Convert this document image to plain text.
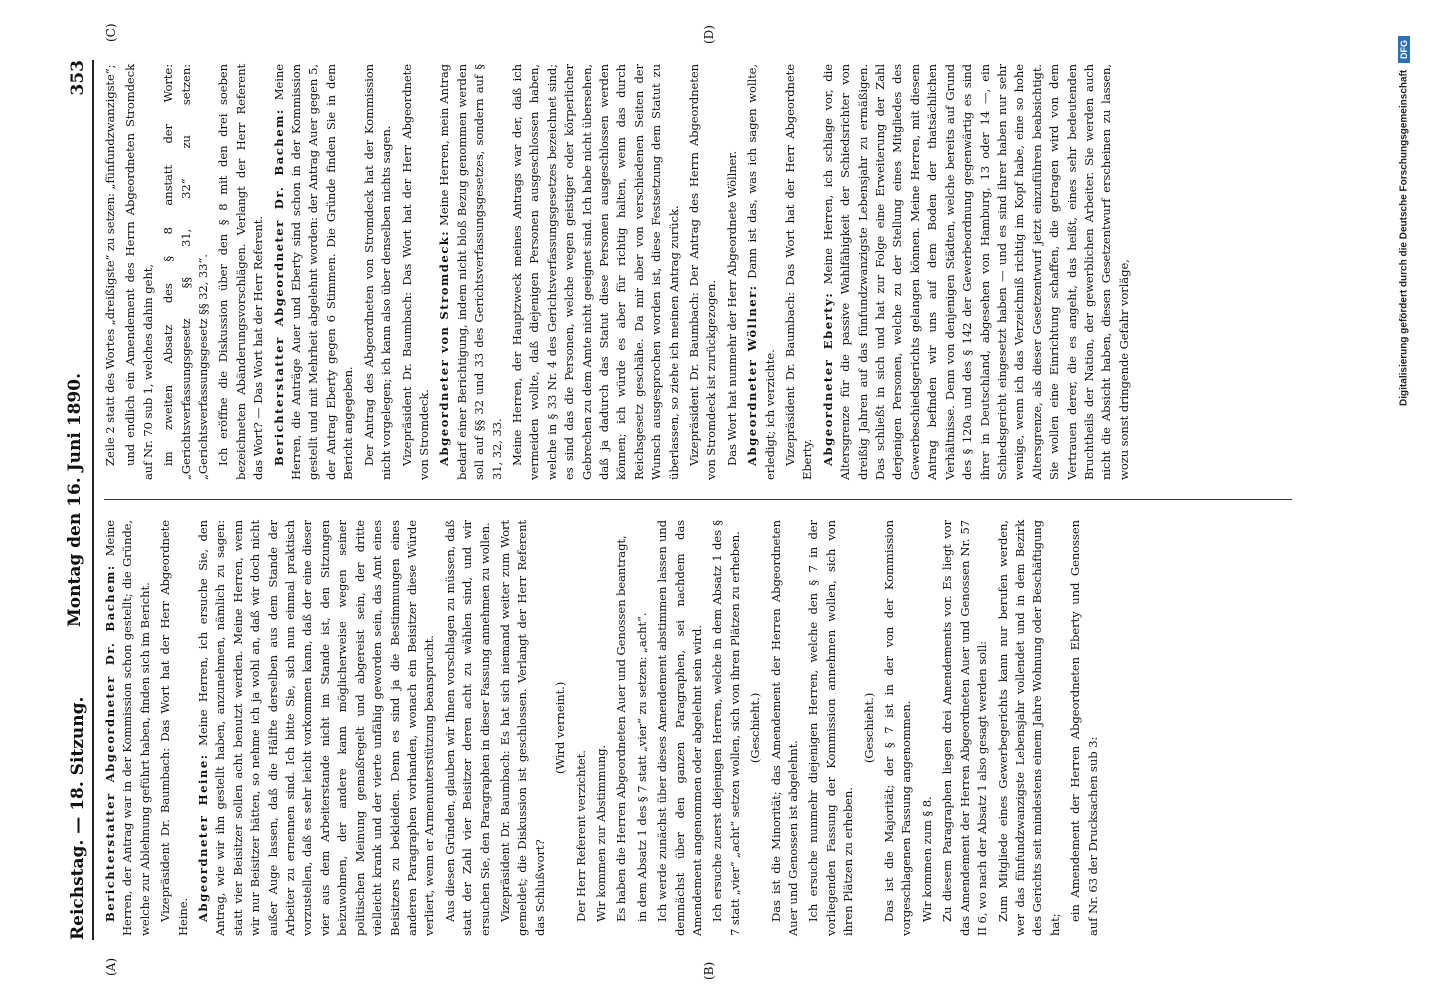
Reichstag. — 18. Sitzung.
Montag den 16. Juni 1890.
353
(A)	(B)
(C)	(D)

Berichterstatter Abgeordneter Dr. Bachem: Meine Herren, der Antrag war in der Kommission schon gestellt; die Gründe, welche zur Ablehnung geführt haben, finden sich im Bericht. Vizepräsident Dr. Baumbach: Das Wort hat der Herr Abgeordnete Heine. Abgeordneter Heine: Meine Herren, ich ersuche Sie, den Antrag, wie wir ihn gestellt haben, anzunehmen, nämlich zu sagen: statt vier Beisitzer sollen acht benutzt werden. Meine Herren, wenn wir nur Beisitzer hätten, so nehme ich ja wohl an, daß wir doch nicht außer Auge lassen, daß die Hälfte derselben aus dem Stande der Arbeiter zu ernennen sind. Ich bitte Sie, sich nun einmal praktisch vorzustellen, daß es sehr leicht vorkommen kann, daß der eine dieser vier aus dem Arbeiterstande nicht im Stande ist, den Sitzungen beizuwohnen, der andere kann möglicherweise wegen seiner politischen Meinung gemaßregelt und abgereist sein, der dritte vielleicht krank und der vierte unfähig geworden sein, das Amt eines Beisitzers zu bekleiden. Denn es sind ja die Bestimmungen eines anderen Paragraphen vorhanden, wonach ein Beisitzer diese Würde verliert, wenn er Armenunterstützung beansprucht. Aus diesen Gründen, glauben wir Ihnen vorschlagen zu müssen, daß statt der Zahl vier Beisitzer deren acht zu wählen sind, und wir ersuchen Sie, den Paragraphen in dieser Fassung annehmen zu wollen. Vizepräsident Dr. Baumbach: Es hat sich niemand weiter zum Wort gemeldet; die Diskussion ist geschlossen. Verlangt der Herr Referent das Schlußwort?

(Wird verneint.)

Der Herr Referent verzichtet. Wir kommen zur Abstimmung. Es haben die Herren Abgeordneten Auer und Genossen beantragt, in dem Absatz 1 des § 7 statt „vier“ zu setzen: „acht“. Ich werde zunächst über dieses Amendement abstimmen lassen und demnächst über den ganzen Paragraphen, sei nachdem das Amendement angenommen oder abgelehnt sein wird. Ich ersuche zuerst diejenigen Herren, welche in dem Absatz 1 des § 7 statt „vier“ „acht“ setzen wollen, sich von ihren Plätzen zu erheben. (Geschieht.) Das ist die Minorität; das Amendement der Herren Abgeordneten Auer und Genossen ist abgelehnt. Ich ersuche nunmehr diejenigen Herren, welche den § 7 in der vorliegenden Fassung der Kommission annehmen wollen, sich von ihren Plätzen zu erheben.

(Geschieht.) Das ist die Majorität; der § 7 ist in der von der Kommission vorgeschlagenen Fassung angenommen. Wir kommen zum § 8. Zu diesem Paragraphen liegen drei Amendements vor. Es liegt vor das Amendement der Herren Abgeordneten Auer und Genossen Nr. 57 II 6, wo nach der Absatz 1 also gesagt werden soll: Zum Mitgliede eines Gewerbegerichts kann nur berufen werden, wer das fünfundzwanzigste Lebensjahr vollendet und in dem Bezirk des Gerichts seit mindestens einem Jahre Wohnung oder Beschäftigung hat;

ein Amendement der Herren Abgeordneten Eberty und Genossen auf Nr. 63 der Drucksachen sub 3:

Zeile 2 statt des Wortes „dreißigste“ zu setzen: „fünfundzwanzigste“; und endlich ein Amendement des Herrn Abgeordneten Stromdeck auf Nr. 70 sub 1, welches dahin geht, im zweiten Absatz des § 8 anstatt der Worte: „Gerichtsverfassungsgesetz §§ 31, 32“ zu setzen: „Gerichtsverfassungsgesetz §§ 32, 33“. Ich eröffne die Diskussion über den § 8 mit den drei soeben bezeichneten Abänderungsvorschlägen. Verlangt der Herr Referent das Wort? — Das Wort hat der Herr Referent. Berichterstatter Abgeordneter Dr. Bachem: Meine Herren, die Anträge Auer und Eberty sind schon in der Kommission gestellt und mit Mehrheit abgelehnt worden: der Antrag Auer gegen 5, der Antrag Eberty gegen 6 Stimmen. Die Gründe finden Sie in dem Bericht angegeben. Der Antrag des Abgeordneten von Stromdeck hat der Kommission nicht vorgelegen; ich kann also über denselben nichts sagen. Vizepräsident Dr. Baumbach: Das Wort hat der Herr Abgeordnete von Stromdeck. Abgeordneter von Stromdeck: Meine Herren, mein Antrag bedarf einer Berichtigung, indem nicht bloß Bezug genommen werden soll auf §§ 32 und 33 des Gerichtsverfassungsgesetzes, sondern auf § 31, 32, 33. Meine Herren, der Hauptzweck meines Antrags war der, daß ich vermeiden wollte, daß diejenigen Personen ausgeschlossen haben, welche in § 33 Nr. 4 des Gerichtsverfassungsgesetzes bezeichnet sind; es sind das die Personen, welche wegen geistiger oder körperlicher Gebrechen zu dem Amte nicht geeignet sind. Ich habe nicht übersehen, daß ja dadurch das Statut diese Personen ausgeschlossen werden können; ich würde es aber für richtig halten, wenn das durch Reichsgesetz geschähe. Da mir aber von verschiedenen Seiten der Wunsch ausgesprochen worden ist, diese Festsetzung dem Statut zu überlassen, so ziehe ich meinen Antrag zurück. Vizepräsident Dr. Baumbach: Der Antrag des Herrn Abgeordneten von Stromdeck ist zurückgezogen. Das Wort hat nunmehr der Herr Abgeordnete Wöllner. Abgeordneter Wöllner: Dann ist das, was ich sagen wollte, erledigt; ich verzichte. Vizepräsident Dr. Baumbach: Das Wort hat der Herr Abgeordnete Eberty. Abgeordneter Eberty: Meine Herren, ich schlage vor, die Altersgrenze für die passive Wahlfähigkeit der Schiedsrichter von dreißig Jahren auf das fünfundzwanzigste Lebensjahr zu ermäßigen. Das schließt in sich und hat zur Folge eine Erweiterung der Zahl derjenigen Personen, welche zu der Stellung eines Mitgliedes des Gewerbeschiedsgerichts gelangen können. Meine Herren, mit diesem Antrag befinden wir uns auf dem Boden der thatsächlichen Verhältnisse. Denn von denjenigen Städten, welche bereits auf Grund des § 120a und des § 142 der Gewerbeordnung gegenwärtig es sind ihrer in Deutschland, abgesehen von Hamburg, 13 oder 14 —, ein Schiedsgericht eingesetzt haben — und es sind ihrer haben nur sehr wenige, wenn ich das Verzeichniß richtig im Kopf habe, eine so hohe Altersgrenze, als dieser Gesetzentwurf jetzt einzuführen beabsichtigt. Sie wollen eine Einrichtung schaffen, die getragen wird von dem Vertrauen derer, die es angeht, das heißt, eines sehr bedeutenden Bruchtheils der Nation, der gewerblichen Arbeiter. Sie werden auch nicht die Absicht haben, diesen Gesetzentwurf erscheinen zu lassen, wozu sonst dringende Gefahr vorläge,	Digitalisierung gefördert durch die Deutsche Forschungsgemeinschaft DFG
